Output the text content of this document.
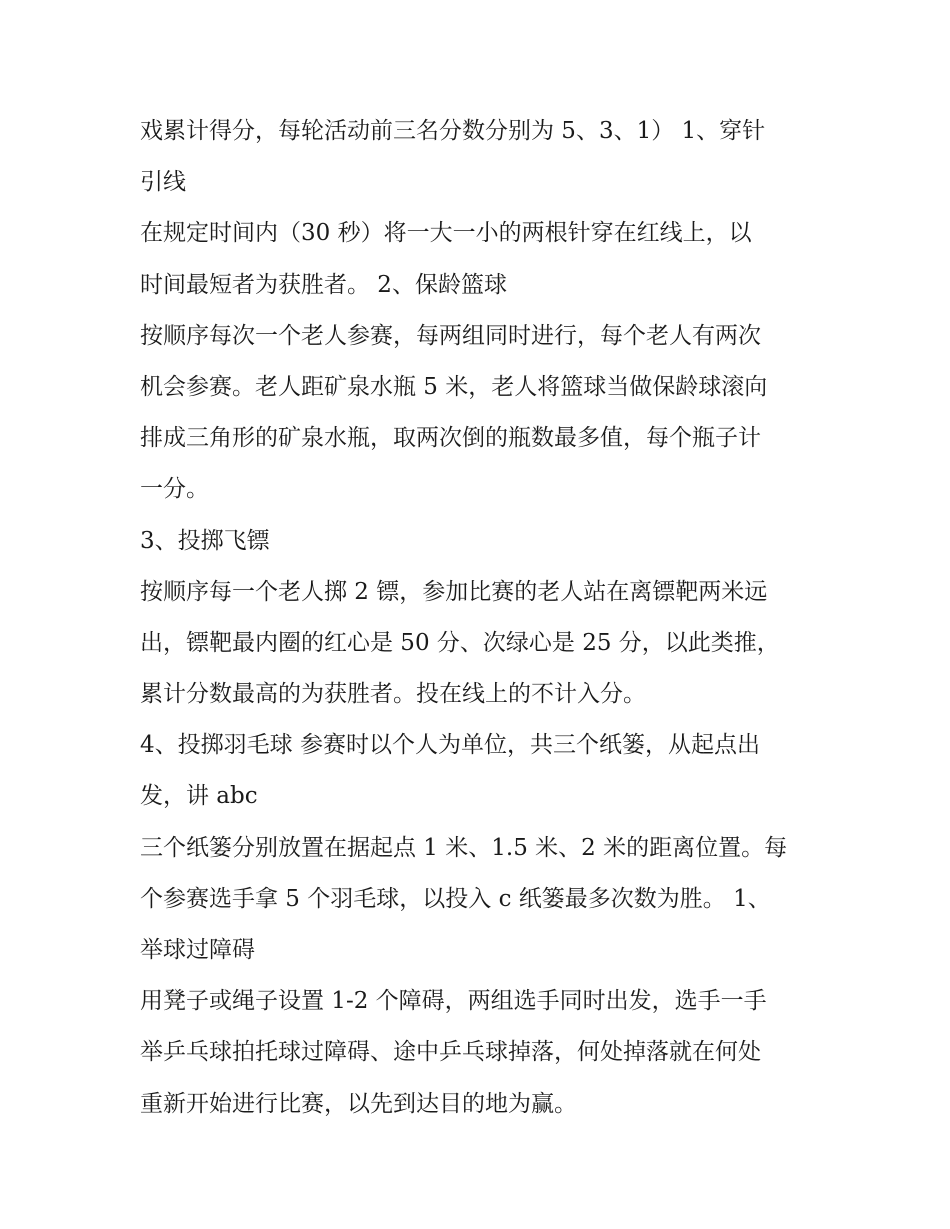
戏累计得分，每轮活动前三名分数分别为 5、3、1） 1、穿针
引线
在规定时间内（30 秒）将一大一小的两根针穿在红线上，以
时间最短者为获胜者。 2、保龄篮球
按顺序每次一个老人参赛，每两组同时进行，每个老人有两次
机会参赛。老人距矿泉水瓶 5 米，老人将篮球当做保龄球滚向
排成三角形的矿泉水瓶，取两次倒的瓶数最多值，每个瓶子计
一分。
3、投掷飞镖
按顺序每一个老人掷 2 镖，参加比赛的老人站在离镖靶两米远
出，镖靶最内圈的红心是 50 分、次绿心是 25 分，以此类推，
累计分数最高的为获胜者。投在线上的不计入分。
4、投掷羽毛球 参赛时以个人为单位，共三个纸篓，从起点出
发，讲 abc
三个纸篓分别放置在据起点 1 米、1.5 米、2 米的距离位置。每
个参赛选手拿 5 个羽毛球，以投入 c 纸篓最多次数为胜。 1、
举球过障碍
用凳子或绳子设置 1-2 个障碍，两组选手同时出发，选手一手
举乒乓球拍托球过障碍、途中乒乓球掉落，何处掉落就在何处
重新开始进行比赛，以先到达目的地为赢。
